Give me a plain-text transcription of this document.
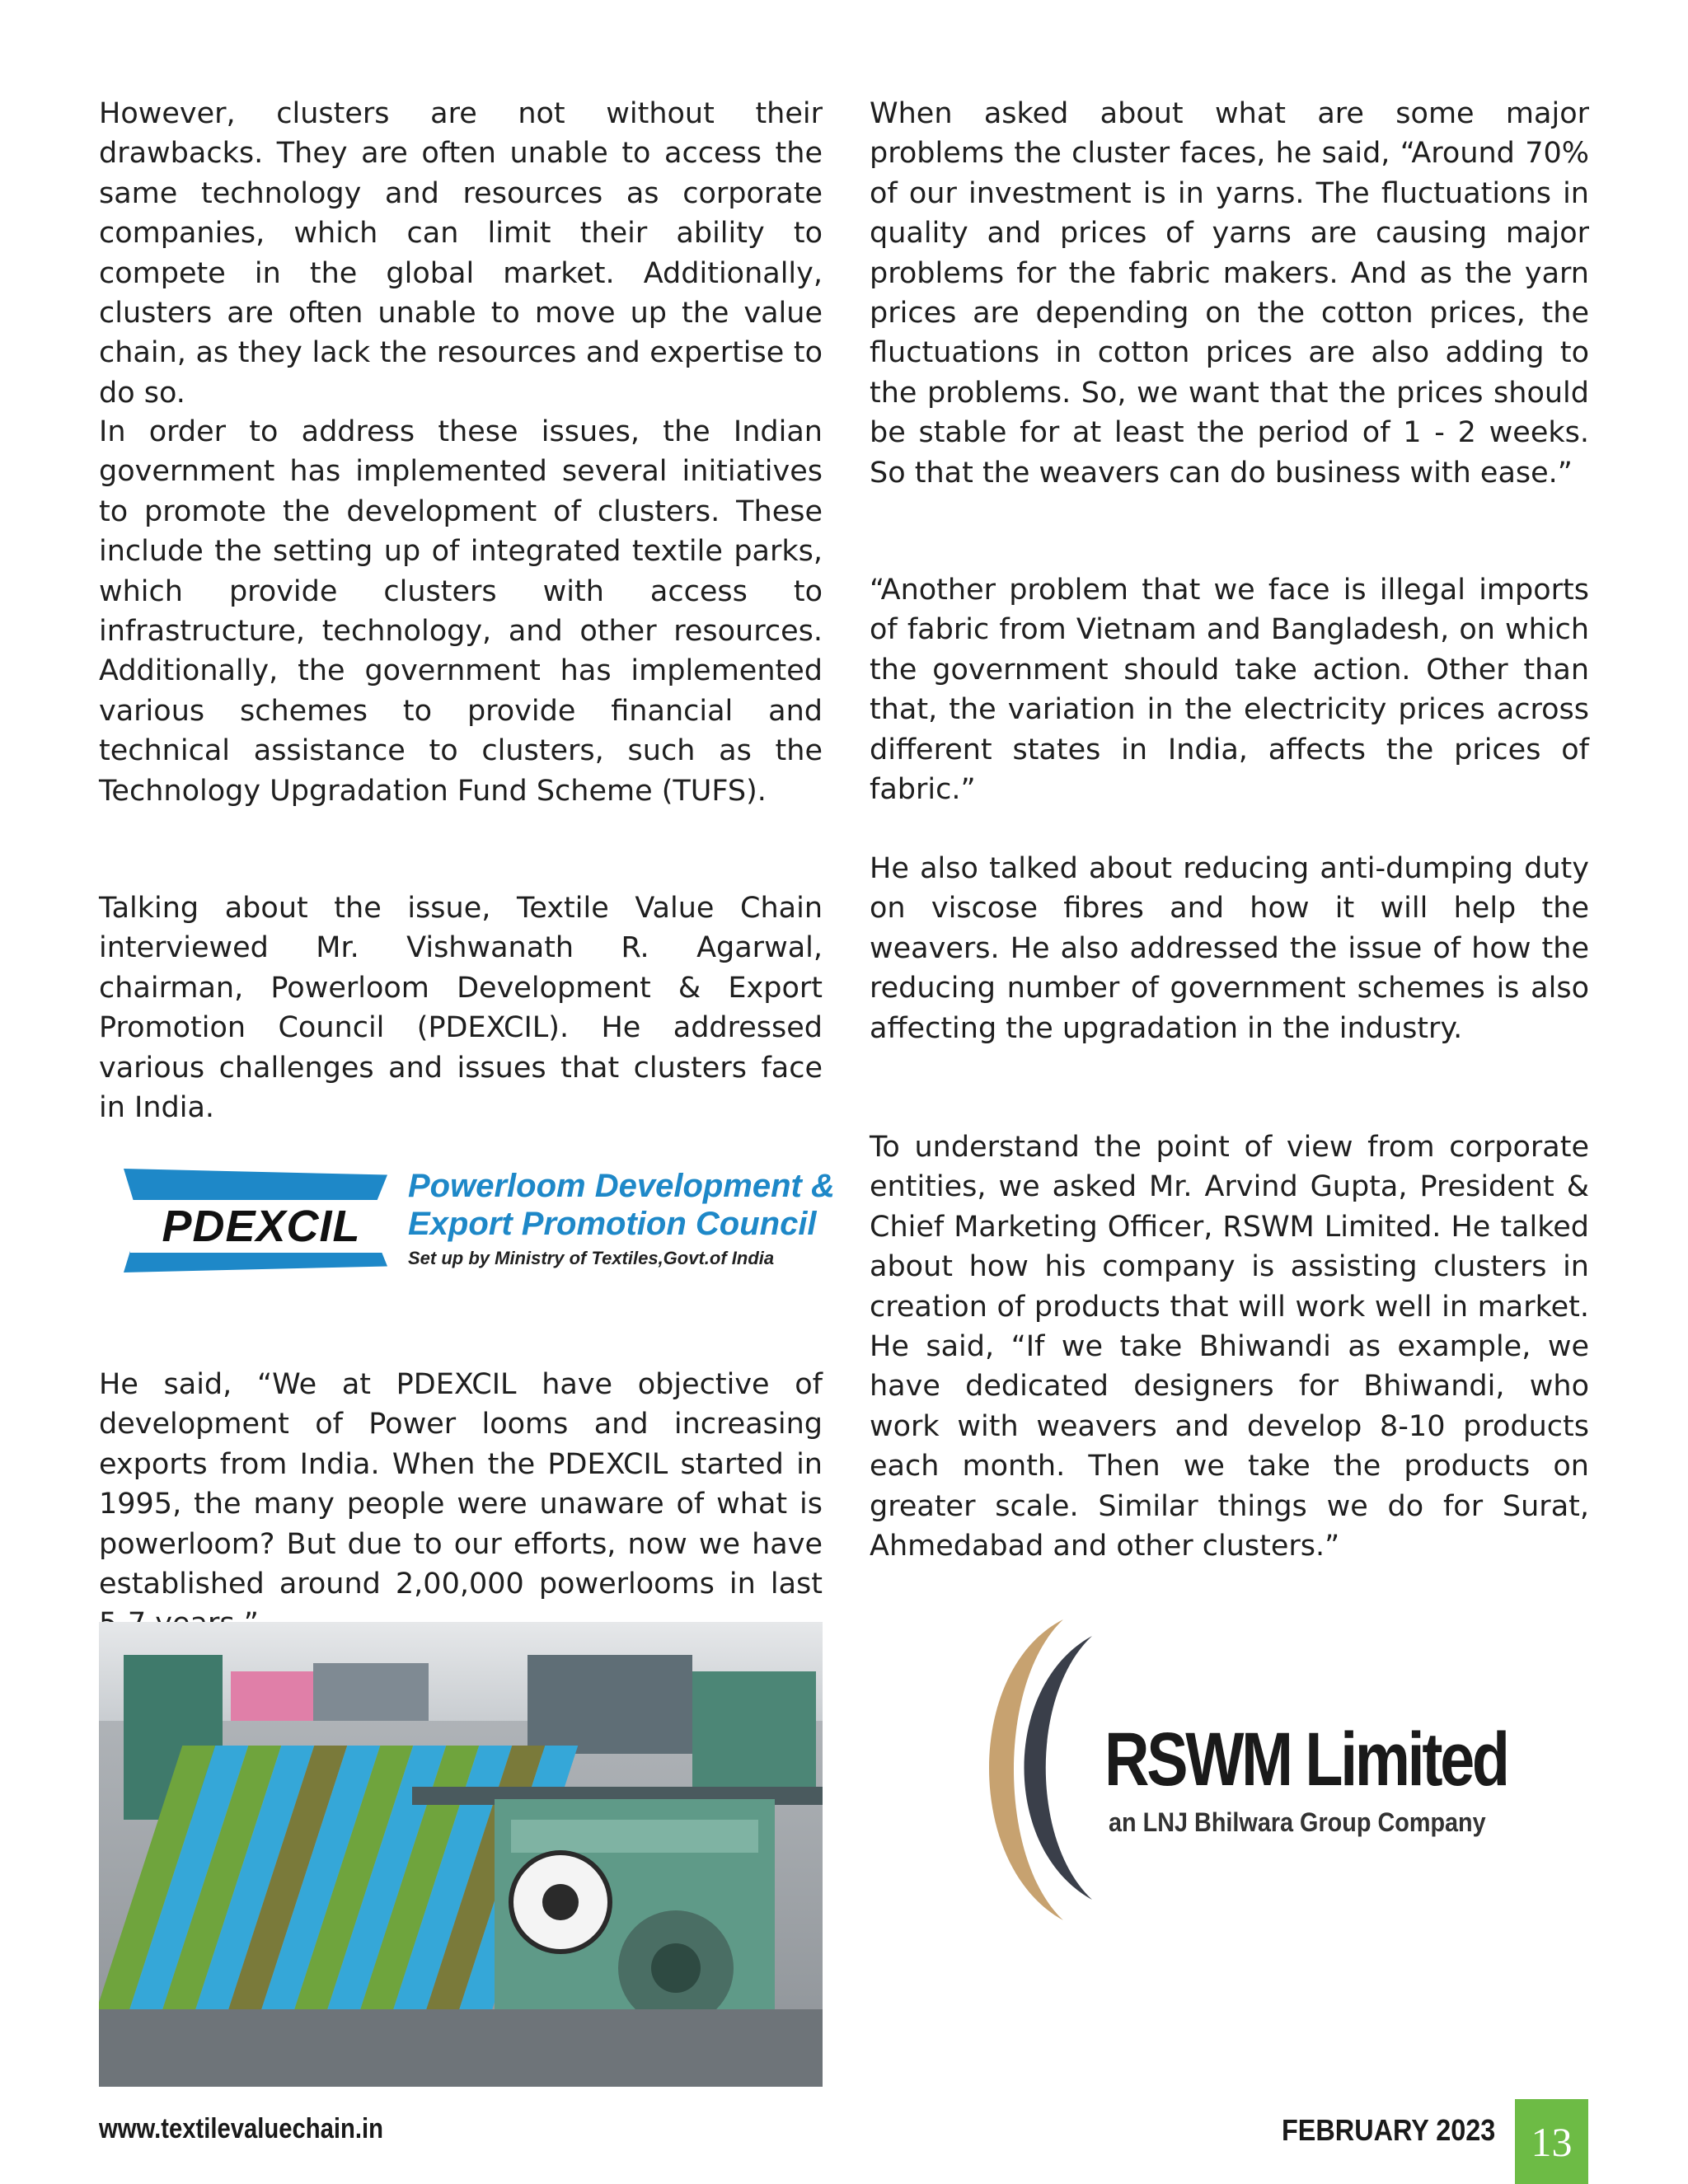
However, clusters are not without their drawbacks. They are often unable to access the same technology and resources as corporate companies, which can limit their ability to compete in the global market. Additionally, clusters are often unable to move up the value chain, as they lack the resources and expertise to do so.

In order to address these issues, the Indian government has implemented several initiatives to promote the development of clusters. These include the setting up of integrated textile parks, which provide clusters with access to infrastructure, technology, and other resources. Additionally, the government has implemented various schemes to provide financial and technical assistance to clusters, such as the Technology Upgradation Fund Scheme (TUFS).

Talking about the issue, Textile Value Chain interviewed Mr. Vishwanath R. Agarwal, chairman, Powerloom Development & Export Promotion Council (PDEXCIL). He addressed various challenges and issues that clusters face in India.

He said, “We at PDEXCIL have objective of development of Power looms and increasing exports from India. When the PDEXCIL started in 1995, the many people were unaware of what is powerloom? But due to our efforts, now we have established around 2,00,000 powerlooms in last

When asked about what are some major problems the cluster faces, he said, “Around 70% of our investment is in yarns. The fluctuations in quality and prices of yarns are causing major problems for the fabric makers. And as the yarn prices are depending on the cotton prices, the fluctuations in cotton prices are also adding to the problems. So, we want that the prices should be stable for at least the period of 1 - 2 weeks. So that the weavers can do business with ease.”

“Another problem that we face is illegal imports of fabric from Vietnam and Bangladesh, on which the government should take action. Other than that, the variation in the electricity prices across different states in India, affects the prices of fabric.”

He also talked about reducing anti-dumping duty on viscose fibres and how it will help the weavers. He also addressed the issue of how the reducing number of government schemes is also affecting the upgradation in the industry.

To understand the point of view from corporate entities, we asked Mr. Arvind Gupta, President & Chief Marketing Officer, RSWM Limited. He talked about how his company is assisting clusters in creation of products that will work well in market. He said, “If we take Bhiwandi as example, we have dedicated designers for Bhiwandi, who work with weavers and develop 8-10 products each month. Then we take the products on greater scale. Similar things we do for Surat, Ahmedabad and other clusters.”

PDEXCIL
Powerloom Development &
Export Promotion Council
Set up by Ministry of Textiles,Govt.of India
RSWM Limited
an LNJ Bhilwara Group Company
www.textilevaluechain.in	FEBRUARY 2023 13
